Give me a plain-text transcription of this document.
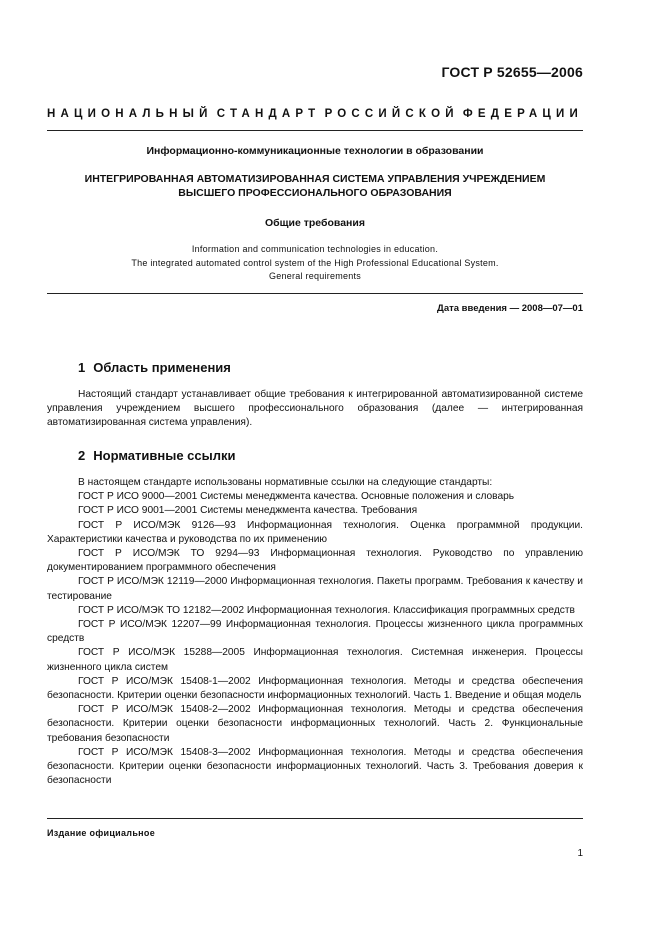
ГОСТ Р 52655—2006
НАЦИОНАЛЬНЫЙ СТАНДАРТ РОССИЙСКОЙ ФЕДЕРАЦИИ
Информационно-коммуникационные технологии в образовании
ИНТЕГРИРОВАННАЯ АВТОМАТИЗИРОВАННАЯ СИСТЕМА УПРАВЛЕНИЯ УЧРЕЖДЕНИЕМ
ВЫСШЕГО ПРОФЕССИОНАЛЬНОГО ОБРАЗОВАНИЯ
Общие требования
Information and communication technologies in education.
The integrated automated control system of the High Professional Educational System.
General requirements
Дата введения — 2008—07—01
1 Область применения
Настоящий стандарт устанавливает общие требования к интегрированной автоматизированной системе управления учреждением высшего профессионального образования (далее — интегрированная автоматизированная система управления).
2 Нормативные ссылки

В настоящем стандарте использованы нормативные ссылки на следующие стандарты:

ГОСТ Р ИСО 9000—2001 Системы менеджмента качества. Основные положения и словарь

ГОСТ Р ИСО 9001—2001 Системы менеджмента качества. Требования

ГОСТ Р ИСО/МЭК 9126—93 Информационная технология. Оценка программной продукции. Характеристики качества и руководства по их применению

ГОСТ Р ИСО/МЭК ТО 9294—93 Информационная технология. Руководство по управлению документированием программного обеспечения

ГОСТ Р ИСО/МЭК 12119—2000 Информационная технология. Пакеты программ. Требования к качеству и тестирование

ГОСТ Р ИСО/МЭК ТО 12182—2002 Информационная технология. Классификация программных средств

ГОСТ Р ИСО/МЭК 12207—99 Информационная технология. Процессы жизненного цикла программных средств

ГОСТ Р ИСО/МЭК 15288—2005 Информационная технология. Системная инженерия. Процессы жизненного цикла систем

ГОСТ Р ИСО/МЭК 15408-1—2002 Информационная технология. Методы и средства обеспечения безопасности. Критерии оценки безопасности информационных технологий. Часть 1. Введение и общая модель

ГОСТ Р ИСО/МЭК 15408-2—2002 Информационная технология. Методы и средства обеспечения безопасности. Критерии оценки безопасности информационных технологий. Часть 2. Функциональные требования безопасности

ГОСТ Р ИСО/МЭК 15408-3—2002 Информационная технология. Методы и средства обеспечения безопасности. Критерии оценки безопасности информационных технологий. Часть 3. Требования доверия к безопасности

Издание официальное
1
